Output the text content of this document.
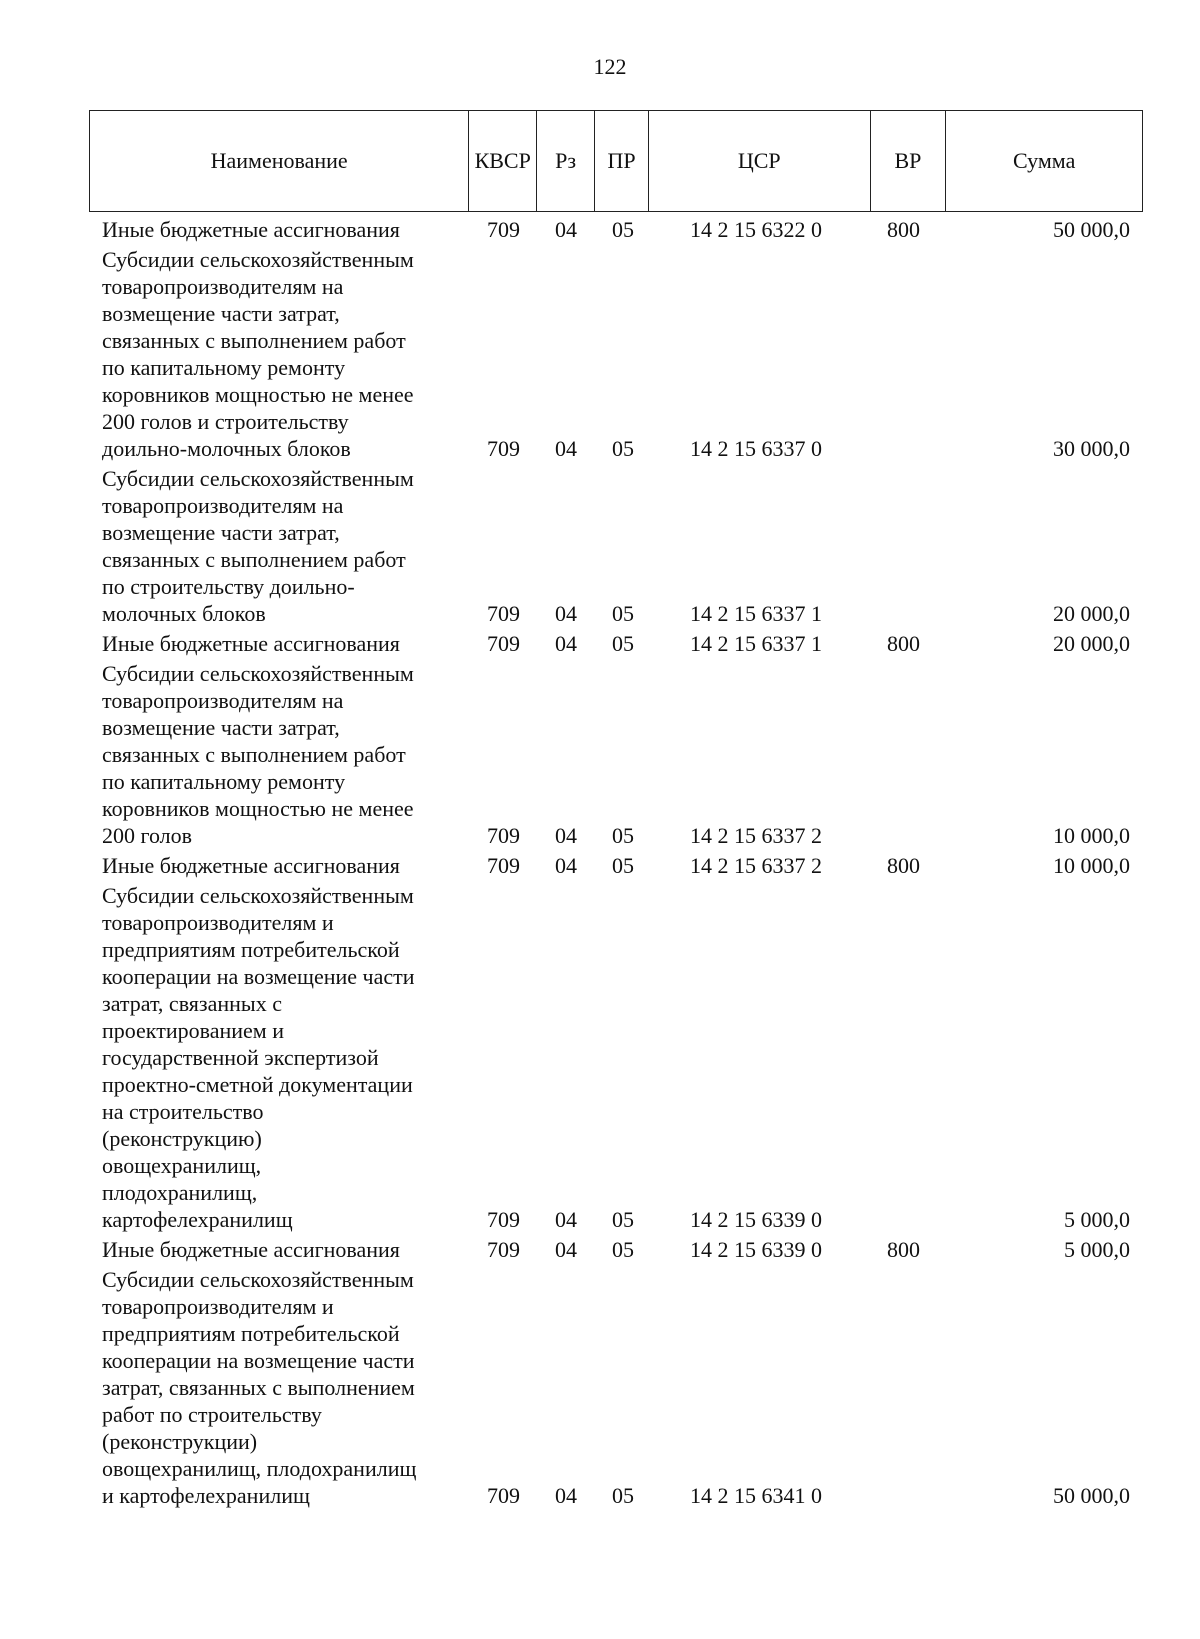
122
Наименование	КВСР	Рз	ПР	ЦСР	ВР	Сумма
Иные бюджетные ассигнования	709 04 05	14 2 15 6322 0	800	50 000,0
Субсидии сельскохозяйственным
товаропроизводителям на
возмещение части затрат,
связанных с выполнением работ
по капитальному ремонту
коровников мощностью не менее
200 голов и строительству
доильно-молочных блоков	709 04 05	14 2 15 6337 0	30 000,0
Субсидии сельскохозяйственным
товаропроизводителям на
возмещение части затрат,
связанных с выполнением работ
по строительству доильно-
молочных блоков	709 04 05	14 2 15 6337 1	20 000,0
Иные бюджетные ассигнования	709 04 05	14 2 15 6337 1	800	20 000,0
Субсидии сельскохозяйственным
товаропроизводителям на
возмещение части затрат,
связанных с выполнением работ
по капитальному ремонту
коровников мощностью не менее
200 голов	709 04 05	14 2 15 6337 2	10 000,0
Иные бюджетные ассигнования	709 04 05	14 2 15 6337 2	800	10 000,0
Субсидии сельскохозяйственным
товаропроизводителям и
предприятиям потребительской
кооперации на возмещение части
затрат, связанных с
проектированием и
государственной экспертизой
проектно-сметной документации
на строительство
(реконструкцию)
овощехранилищ,
плодохранилищ,
картофелехранилищ	709 04 05	14 2 15 6339 0	5 000,0
Иные бюджетные ассигнования	709 04 05	14 2 15 6339 0	800	5 000,0
Субсидии сельскохозяйственным
товаропроизводителям и
предприятиям потребительской
кооперации на возмещение части
затрат, связанных с выполнением
работ по строительству
(реконструкции)
овощехранилищ, плодохранилищ
и картофелехранилищ	709 04 05	14 2 15 6341 0	50 000,0
